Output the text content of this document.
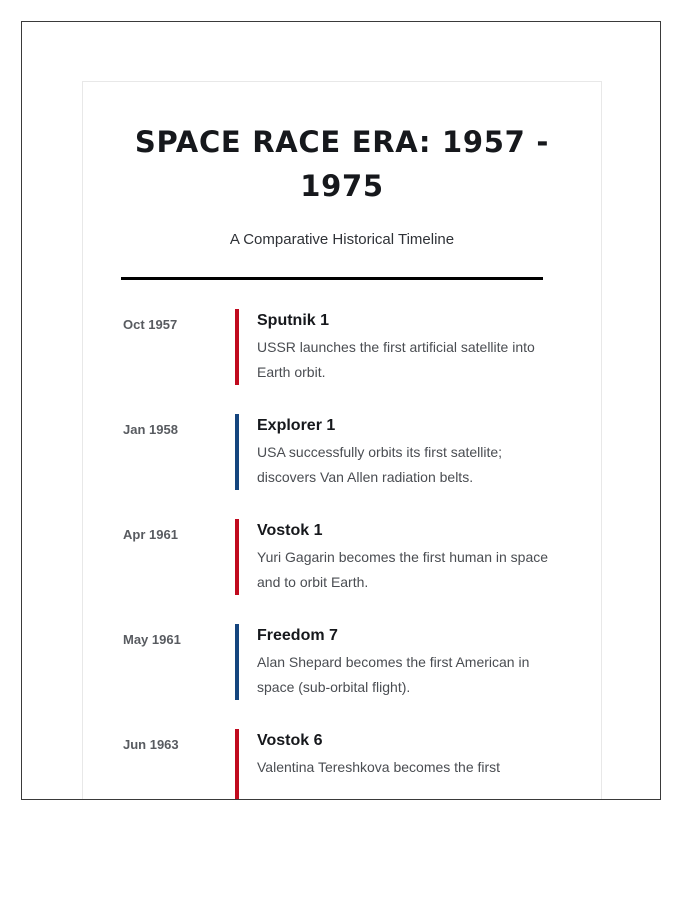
SPACE RACE ERA: 1957 - 1975

A Comparative Historical Timeline

Oct 1957	Sputnik 1

USSR launches the first artificial satellite into Earth orbit.

Jan 1958	Explorer 1

USA successfully orbits its first satellite; discovers Van Allen radiation belts.

Apr 1961	Vostok 1

Yuri Gagarin becomes the first human in space and to orbit Earth.

May 1961	Freedom 7

Alan Shepard becomes the first American in space (sub-orbital flight).

Jun 1963	Vostok 6

Valentina Tereshkova becomes the first
